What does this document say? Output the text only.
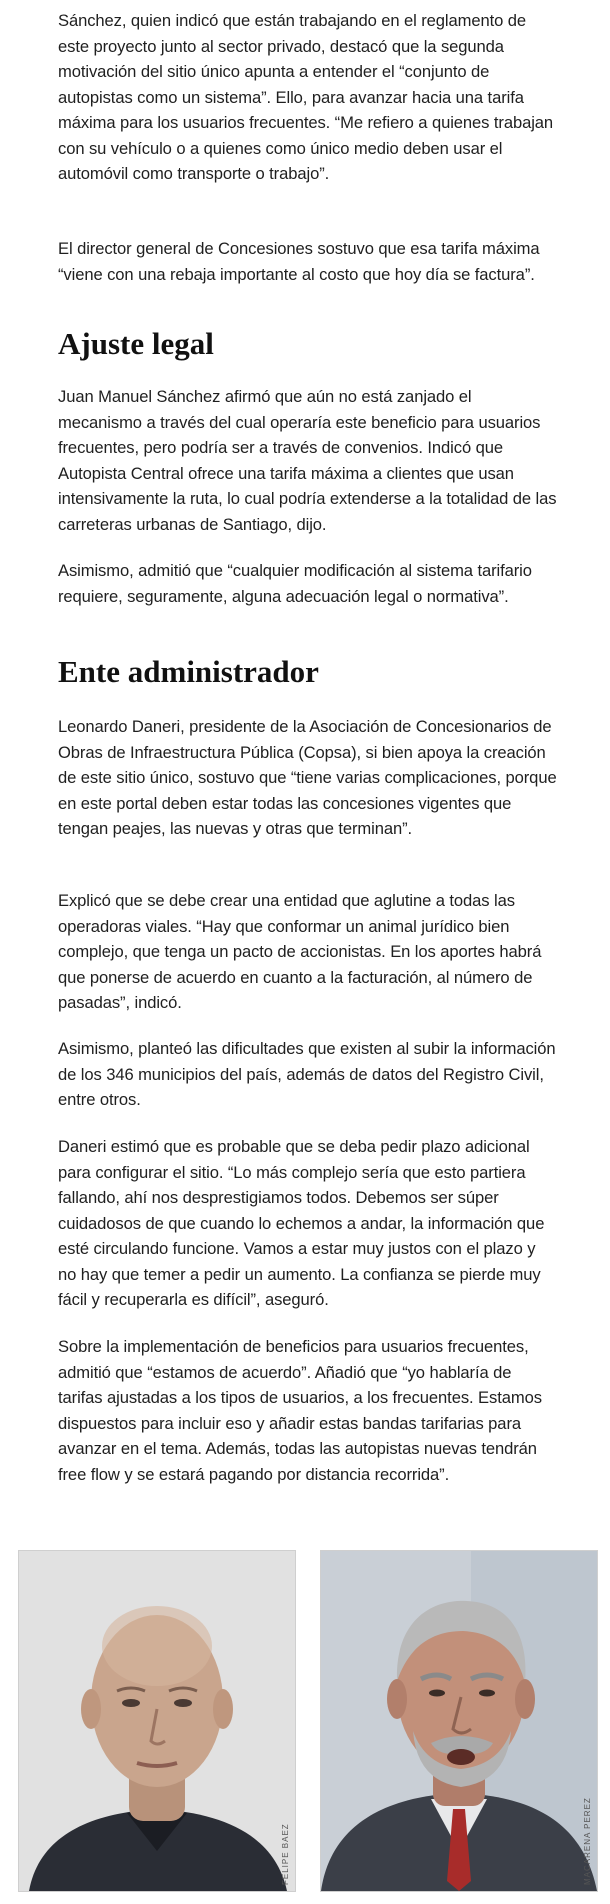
Sánchez, quien indicó que están trabajando en el reglamento de este proyecto junto al sector privado, destacó que la segunda motivación del sitio único apunta a entender el “conjunto de autopistas como un sistema”. Ello, para avanzar hacia una tarifa máxima para los usuarios frecuentes. “Me refiero a quienes trabajan con su vehículo o a quienes como único medio deben usar el automóvil como transporte o trabajo”.

El director general de Concesiones sostuvo que esa tarifa máxima “viene con una rebaja importante al costo que hoy día se factura”.

Ajuste legal

Juan Manuel Sánchez afirmó que aún no está zanjado el mecanismo a través del cual operaría este beneficio para usuarios frecuentes, pero podría ser a través de convenios. Indicó que Autopista Central ofrece una tarifa máxima a clientes que usan intensivamente la ruta, lo cual podría extenderse a la totalidad de las carreteras urbanas de Santiago, dijo.

Asimismo, admitió que “cualquier modificación al sistema tarifario requiere, seguramente, alguna adecuación legal o normativa”.

Ente administrador

Leonardo Daneri, presidente de la Asociación de Concesionarios de Obras de Infraestructura Pública (Copsa), si bien apoya la creación de este sitio único, sostuvo que “tiene varias complicaciones, porque en este portal deben estar todas las concesiones vigentes que tengan peajes, las nuevas y otras que terminan”.

Explicó que se debe crear una entidad que aglutine a todas las operadoras viales. “Hay que conformar un animal jurídico bien complejo, que tenga un pacto de accionistas. En los aportes habrá que ponerse de acuerdo en cuanto a la facturación, al número de pasadas”, indicó.

Asimismo, planteó las dificultades que existen al subir la información de los 346 municipios del país, además de datos del Registro Civil, entre otros.

Daneri estimó que es probable que se deba pedir plazo adicional para configurar el sitio. “Lo más complejo sería que esto partiera fallando, ahí nos desprestigiamos todos. Debemos ser súper cuidadosos de que cuando lo echemos a andar, la información que esté circulando funcione. Vamos a estar muy justos con el plazo y no hay que temer a pedir un aumento. La confianza se pierde muy fácil y recuperarla es difícil”, aseguró.

Sobre la implementación de beneficios para usuarios frecuentes, admitió que “estamos de acuerdo”. Añadió que “yo hablaría de tarifas ajustadas a los tipos de usuarios, a los frecuentes. Estamos dispuestos para incluir eso y añadir estas bandas tarifarias para avanzar en el tema. Además, todas las autopistas nuevas tendrán free flow y se estará pagando por distancia recorrida”.

FELIPE BAEZ	MACARENA PEREZ
